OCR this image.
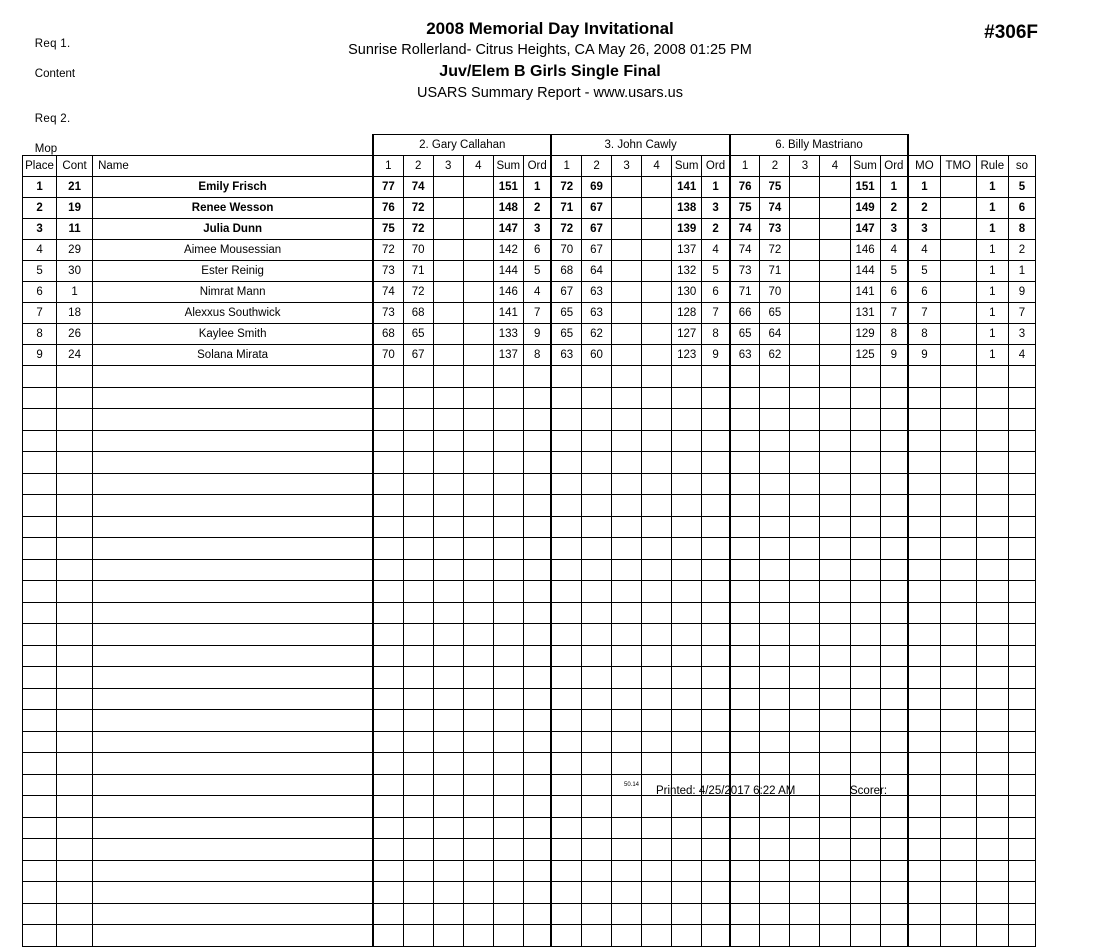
Req 1.

Content

Req 2.

Mop

2008 Memorial Day Invitational
Sunrise Rollerland- Citrus Heights, CA May 26, 2008 01:25 PM
Juv/Elem B Girls Single Final
USARS Summary Report - www.usars.us
#306F
			2. Gary Callahan						3. John Cawly						6. Billy Mastriano									
Place	Cont	Name	1	2	3	4	Sum	Ord	1	2	3	4	Sum	Ord	1	2	3	4	Sum	Ord	MO	TMO	Rule	so
1	21	Emily Frisch	77	74			151	1	72	69			141	1	76	75			151	1	1		1	5
2	19	Renee Wesson	76	72			148	2	71	67			138	3	75	74			149	2	2		1	6
3	11	Julia Dunn	75	72			147	3	72	67			139	2	74	73			147	3	3		1	8
4	29	Aimee Mousessian	72	70			142	6	70	67			137	4	74	72			146	4	4		1	2
5	30	Ester Reinig	73	71			144	5	68	64			132	5	73	71			144	5	5		1	1
6	1	Nimrat Mann	74	72			146	4	67	63			130	6	71	70			141	6	6		1	9
7	18	Alexxus Southwick	73	68			141	7	65	63			128	7	66	65			131	7	7		1	7
8	26	Kaylee Smith	68	65			133	9	65	62			127	8	65	64			129	8	8		1	3
9	24	Solana Mirata	70	67			137	8	63	60			123	9	63	62			125	9	9		1	4

50.14 Printed: 4/25/2017 6:22 AM	Scorer:
